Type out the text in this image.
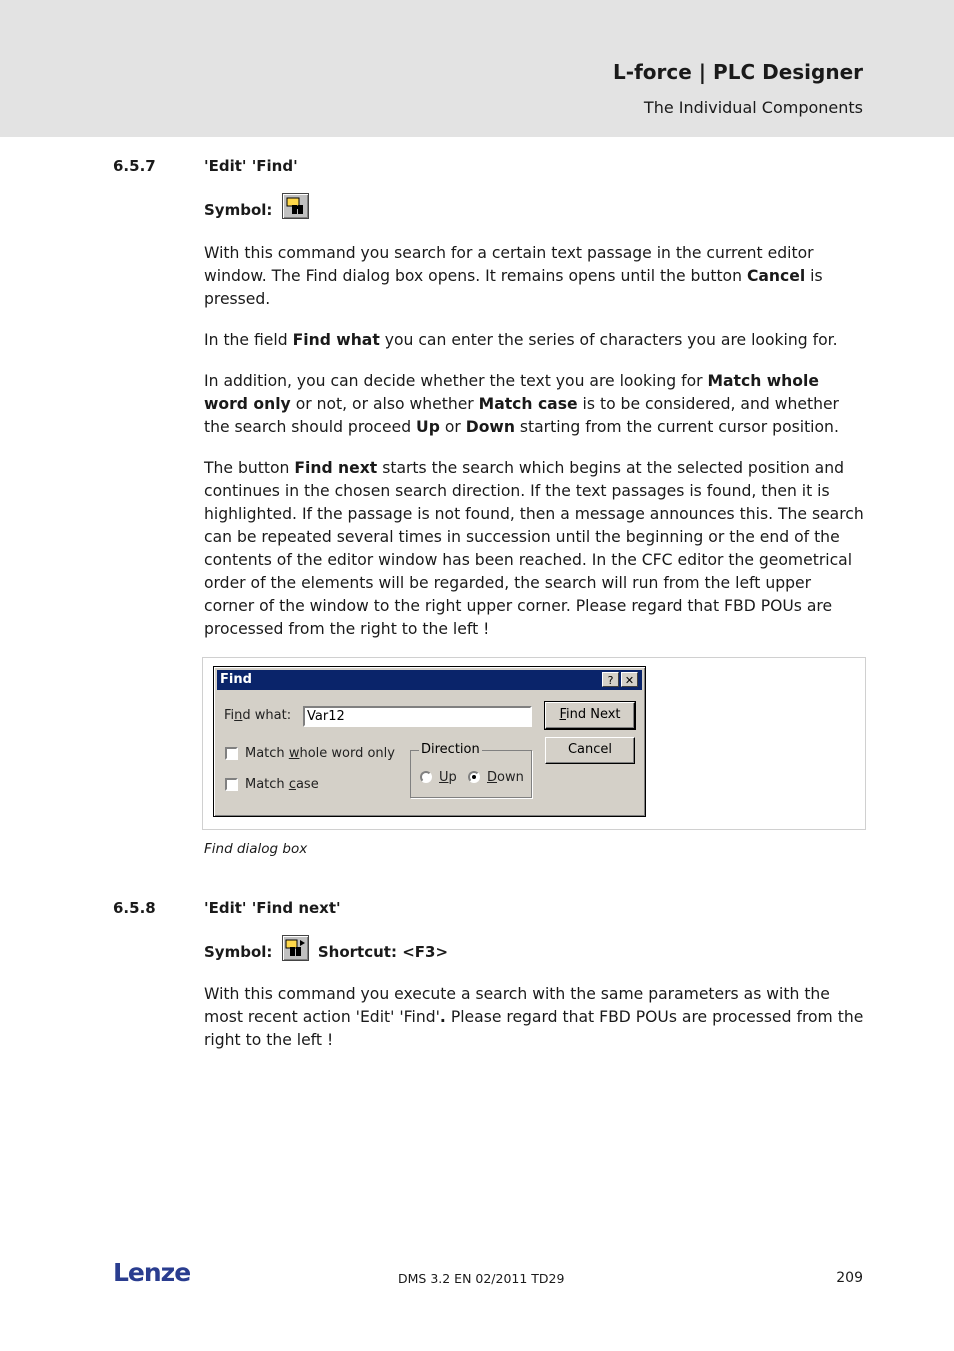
L-force | PLC Designer
The Individual Components
6.5.7	'Edit' 'Find'
Symbol:

With this command you search for a certain text passage in the current editor window. The Find dialog box opens. It remains opens until the button Cancel is pressed.

In the field Find what you can enter the series of characters you are looking for.

In addition, you can decide whether the text you are looking for Match whole word only or not, or also whether Match case is to be considered, and whether the search should proceed Up or Down starting from the current cursor position.

The button Find next starts the search which begins at the selected position and continues in the chosen search direction. If the text passages is found, then it is highlighted. If the passage is not found, then a message announces this. The search can be repeated several times in succession until the beginning or the end of the contents of the editor window has been reached. In the CFC editor the geometrical order of the elements will be regarded, the search will run from the left upper corner of the window to the right upper corner. Please regard that FBD POUs are processed from the right to the left !

Find	?	✕
Find what:	Var12	Find Next
Cancel
Match whole word only
Match case
Direction
Up Down
Find dialog box
6.5.8	'Edit' 'Find next'
Symbol:	Shortcut: <F3>

With this command you execute a search with the same parameters as with the most recent action 'Edit' 'Find'. Please regard that FBD POUs are processed from the right to the left !

Lenze	DMS 3.2 EN 02/2011 TD29	209
